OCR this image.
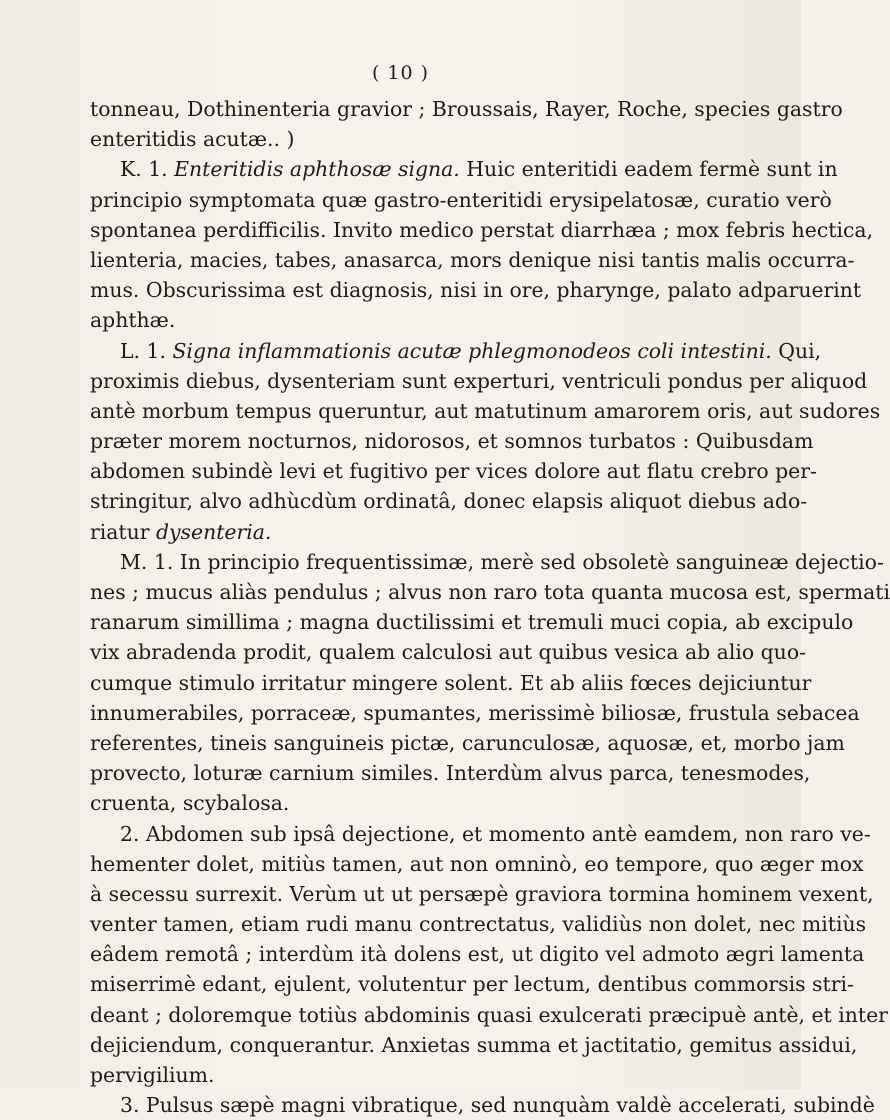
( 10 )
tonneau, Dothinenteria gravior ; Broussais, Rayer, Roche, species gastro
enteritidis acutæ.. )
K. 1. Enteritidis aphthosæ signa. Huic enteritidi eadem fermè sunt in
principio symptomata quæ gastro-enteritidi erysipelatosæ, curatio verò
spontanea perdifficilis. Invito medico perstat diarrhæa ; mox febris hectica,
lienteria, macies, tabes, anasarca, mors denique nisi tantis malis occurra-
mus. Obscurissima est diagnosis, nisi in ore, pharynge, palato adparuerint
aphthæ.
L. 1. Signa inflammationis acutæ phlegmonodeos coli intestini. Qui,
proximis diebus, dysenteriam sunt experturi, ventriculi pondus per aliquod
antè morbum tempus queruntur, aut matutinum amarorem oris, aut sudores
præter morem nocturnos, nidorosos, et somnos turbatos : Quibusdam
abdomen subindè levi et fugitivo per vices dolore aut flatu crebro per-
stringitur, alvo adhùcdùm ordinatâ, donec elapsis aliquot diebus ado-
riatur dysenteria.
M. 1. In principio frequentissimæ, merè sed obsoletè sanguineæ dejectio-
nes ; mucus aliàs pendulus ; alvus non raro tota quanta mucosa est, spermati
ranarum simillima ; magna ductilissimi et tremuli muci copia, ab excipulo
vix abradenda prodit, qualem calculosi aut quibus vesica ab alio quo-
cumque stimulo irritatur mingere solent. Et ab aliis fœces dejiciuntur
innumerabiles, porraceæ, spumantes, merissimè biliosæ, frustula sebacea
referentes, tineis sanguineis pictæ, carunculosæ, aquosæ, et, morbo jam
provecto, loturæ carnium similes. Interdùm alvus parca, tenesmodes,
cruenta, scybalosa.
2. Abdomen sub ipsâ dejectione, et momento antè eamdem, non raro ve-
hementer dolet, mitiùs tamen, aut non omninò, eo tempore, quo æger mox
à secessu surrexit. Verùm ut ut persæpè graviora tormina hominem vexent,
venter tamen, etiam rudi manu contrectatus, validiùs non dolet, nec mitiùs
eâdem remotâ ; interdùm ità dolens est, ut digito vel admoto ægri lamenta
miserrimè edant, ejulent, volutentur per lectum, dentibus commorsis stri-
deant ; doloremque totiùs abdominis quasi exulcerati præcipuè antè, et inter
dejiciendum, conquerantur. Anxietas summa et jactitatio, gemitus assidui,
pervigilium.
3. Pulsus sæpè magni vibratique, sed nunquàm valdè accelerati, subindè
